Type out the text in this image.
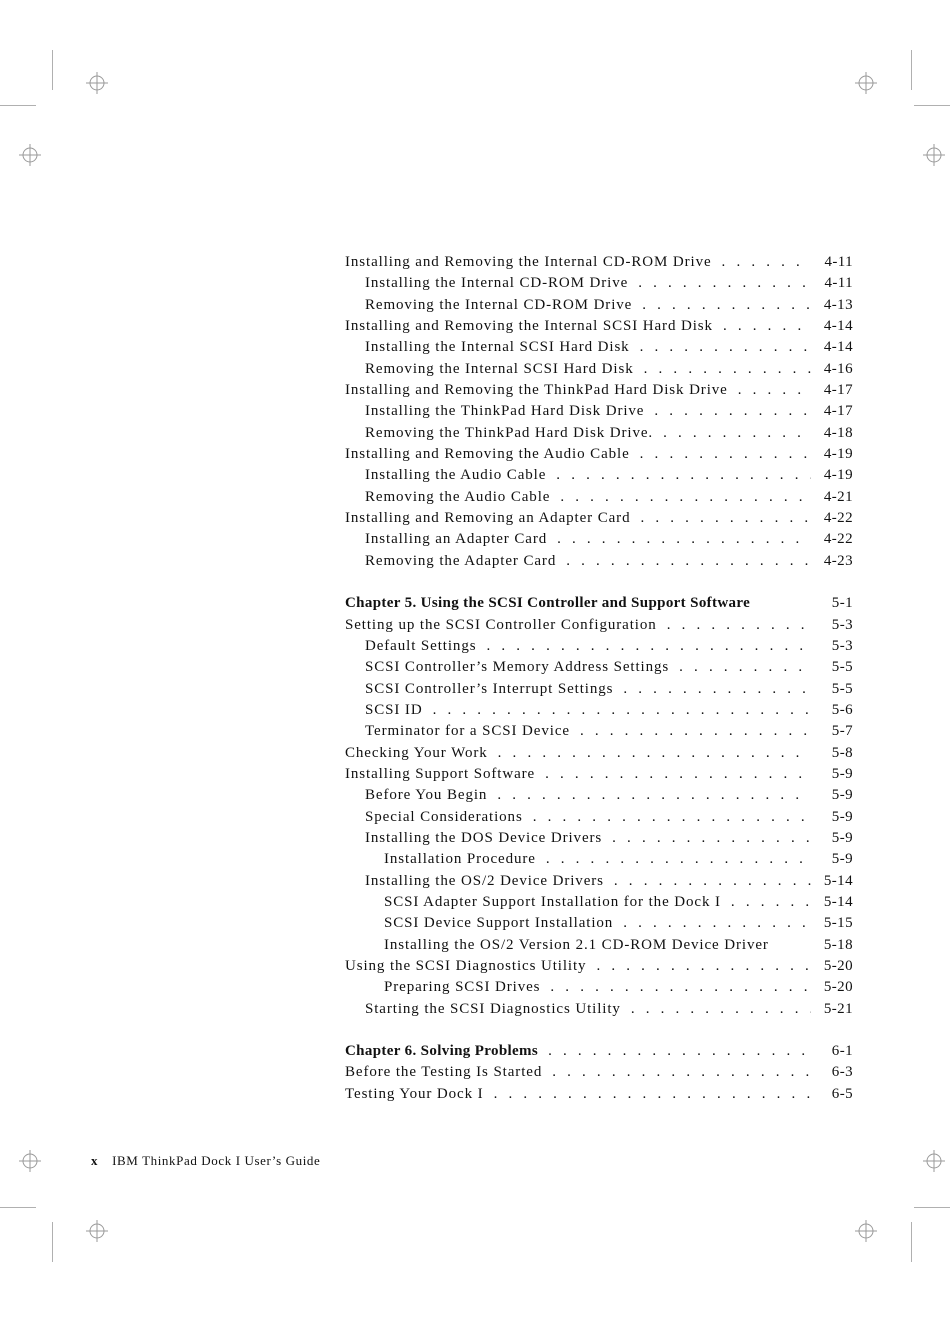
Installing and Removing the Internal CD-ROM Drive . . .	4-11
Installing the Internal CD-ROM Drive . . .	4-11
Removing the Internal CD-ROM Drive . . .	4-13
Installing and Removing the Internal SCSI Hard Disk . . .	4-14
Installing the Internal SCSI Hard Disk . . .	4-14
Removing the Internal SCSI Hard Disk . . .	4-16
Installing and Removing the ThinkPad Hard Disk Drive . . .	4-17
Installing the ThinkPad Hard Disk Drive . . .	4-17
Removing the ThinkPad Hard Disk Drive. . . .	4-18
Installing and Removing the Audio Cable . . .	4-19
Installing the Audio Cable . . .	4-19
Removing the Audio Cable . . .	4-21
Installing and Removing an Adapter Card . . .	4-22
Installing an Adapter Card . . .	4-22
Removing the Adapter Card . . .	4-23
Chapter 5. Using the SCSI Controller and Support Software	5-1
Setting up the SCSI Controller Configuration . . .	5-3
Default Settings . . .	5-3
SCSI Controller’s Memory Address Settings . . .	5-5
SCSI Controller’s Interrupt Settings . . .	5-5
SCSI ID . . .	5-6
Terminator for a SCSI Device . . .	5-7
Checking Your Work . . .	5-8
Installing Support Software . . .	5-9
Before You Begin . . .	5-9
Special Considerations . . .	5-9
Installing the DOS Device Drivers . . .	5-9
Installation Procedure . . .	5-9
Installing the OS/2 Device Drivers . . .	5-14
SCSI Adapter Support Installation for the Dock I . . .	5-14
SCSI Device Support Installation . . .	5-15
Installing the OS/2 Version 2.1 CD-ROM Device Driver	5-18
Using the SCSI Diagnostics Utility . . .	5-20
Preparing SCSI Drives . . .	5-20
Starting the SCSI Diagnostics Utility . . .	5-21
Chapter 6. Solving Problems . . .	6-1
Before the Testing Is Started . . .	6-3
Testing Your Dock I . . .	6-5
x IBM ThinkPad Dock I User’s Guide
